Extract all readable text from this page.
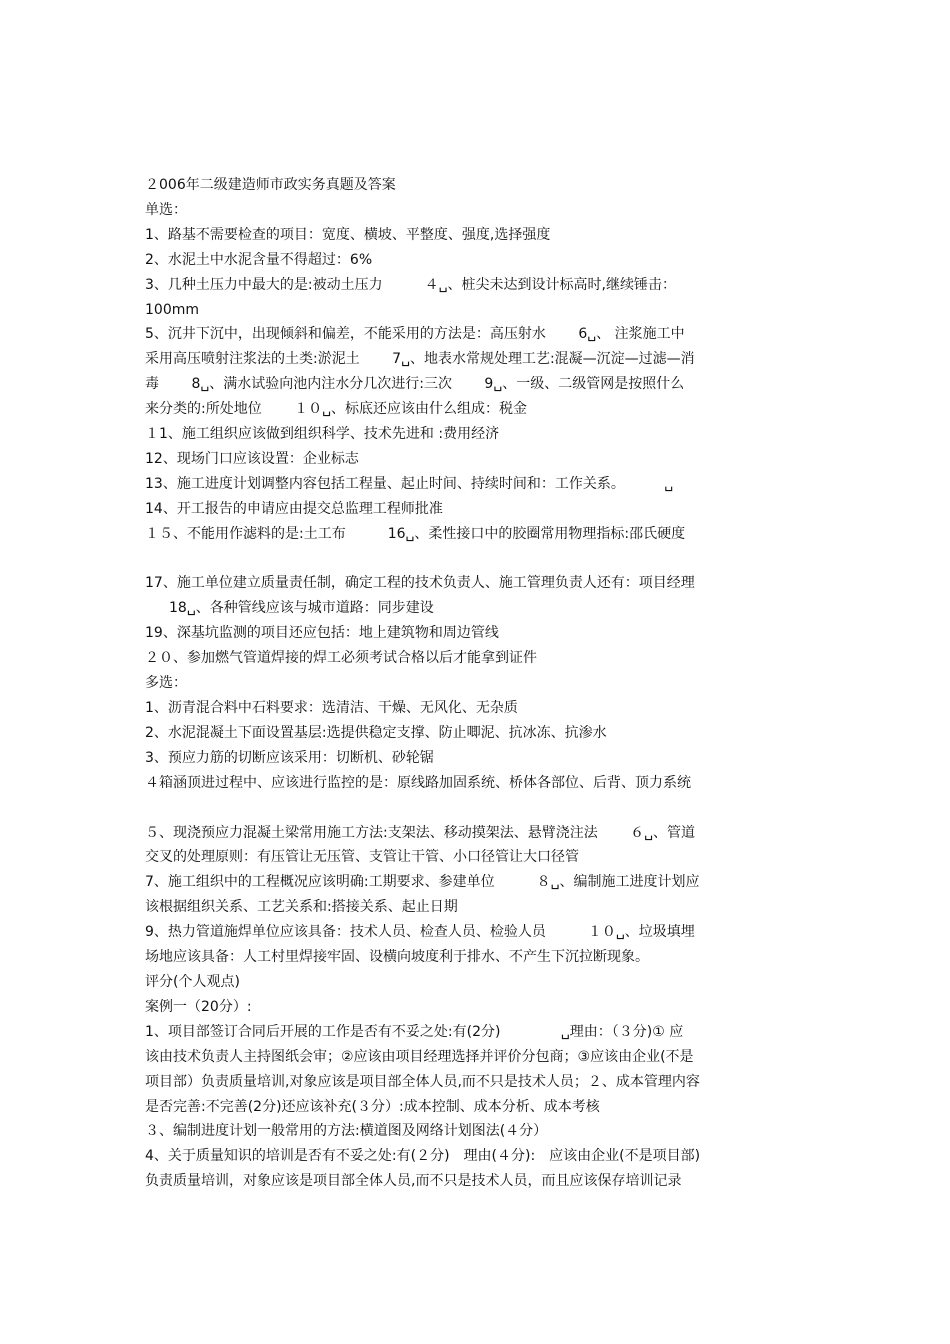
２006年二级建造师市政实务真题及答案
单选：
1、路基不需要检查的项目：宽度、横坡、平整度、强度,选择强度
2、水泥土中水泥含量不得超过：6%
3、几种土压力中最大的是:被动土压力　　　４␣、桩尖未达到设计标高时,继续锤击：
100mm
5、沉井下沉中，出现倾斜和偏差，不能采用的方法是：高压射水　　 6␣、 注浆施工中
采用高压喷射注浆法的土类:淤泥土　　 7␣、地表水常规处理工艺:混凝—沉淀—过滤—消
毒　　 8␣、满水试验向池内注水分几次进行:三次　　 9␣、一级、二级管网是按照什么
来分类的:所处地位　　 １０␣、标底还应该由什么组成：税金
１1、施工组织应该做到组织科学、技术先进和 :费用经济
12、现场门口应该设置：企业标志
13、施工进度计划调整内容包括工程量、起止时间、持续时间和：工作关系。　　　 ␣
14、开工报告的申请应由提交总监理工程师批准
１５、不能用作滤料的是:土工布　　　16␣、柔性接口中的胶圈常用物理指标:邵氏硬度
17、施工单位建立质量责任制，确定工程的技术负责人、施工管理负责人还有：项目经理
18␣、各种管线应该与城市道路：同步建设
19、深基坑监测的项目还应包括：地上建筑物和周边管线
２０、参加燃气管道焊接的焊工必须考试合格以后才能拿到证件
多选：
1、沥青混合料中石料要求：选清洁、干燥、无风化、无杂质
2、水泥混凝土下面设置基层:选提供稳定支撑、防止唧泥、抗冰冻、抗渗水
3、预应力筋的切断应该采用：切断机、砂轮锯
４箱涵顶进过程中、应该进行监控的是：原线路加固系统、桥体各部位、后背、顶力系统
５、现浇预应力混凝土梁常用施工方法:支架法、移动摸架法、悬臂浇注法　　 ６␣、管道
交叉的处理原则：有压管让无压管、支管让干管、小口径管让大口径管
7、施工组织中的工程概况应该明确:工期要求、参建单位　　　８␣、编制施工进度计划应
该根据组织关系、工艺关系和:搭接关系、起止日期
9、热力管道施焊单位应该具备：技术人员、检查人员、检验人员　　　１０␣、垃圾填埋
场地应该具备：人工村里焊接牢固、设横向坡度利于排水、不产生下沉拉断现象。
评分(个人观点)
案例一（20分）:
1、项目部签订合同后开展的工作是否有不妥之处:有(2分)　　　　 ␣理由：（３分)① 应
该由技术负责人主持图纸会审；②应该由项目经理选择并评价分包商；③应该由企业(不是
项目部）负责质量培训,对象应该是项目部全体人员,而不只是技术人员；２、成本管理内容
是否完善:不完善(2分)还应该补充(３分）:成本控制、成本分析、成本考核
３、编制进度计划一般常用的方法:横道图及网络计划图法(４分）
4、关于质量知识的培训是否有不妥之处:有(２分)　理由(４分):　应该由企业(不是项目部)
负责质量培训，对象应该是项目部全体人员,而不只是技术人员，而且应该保存培训记录
